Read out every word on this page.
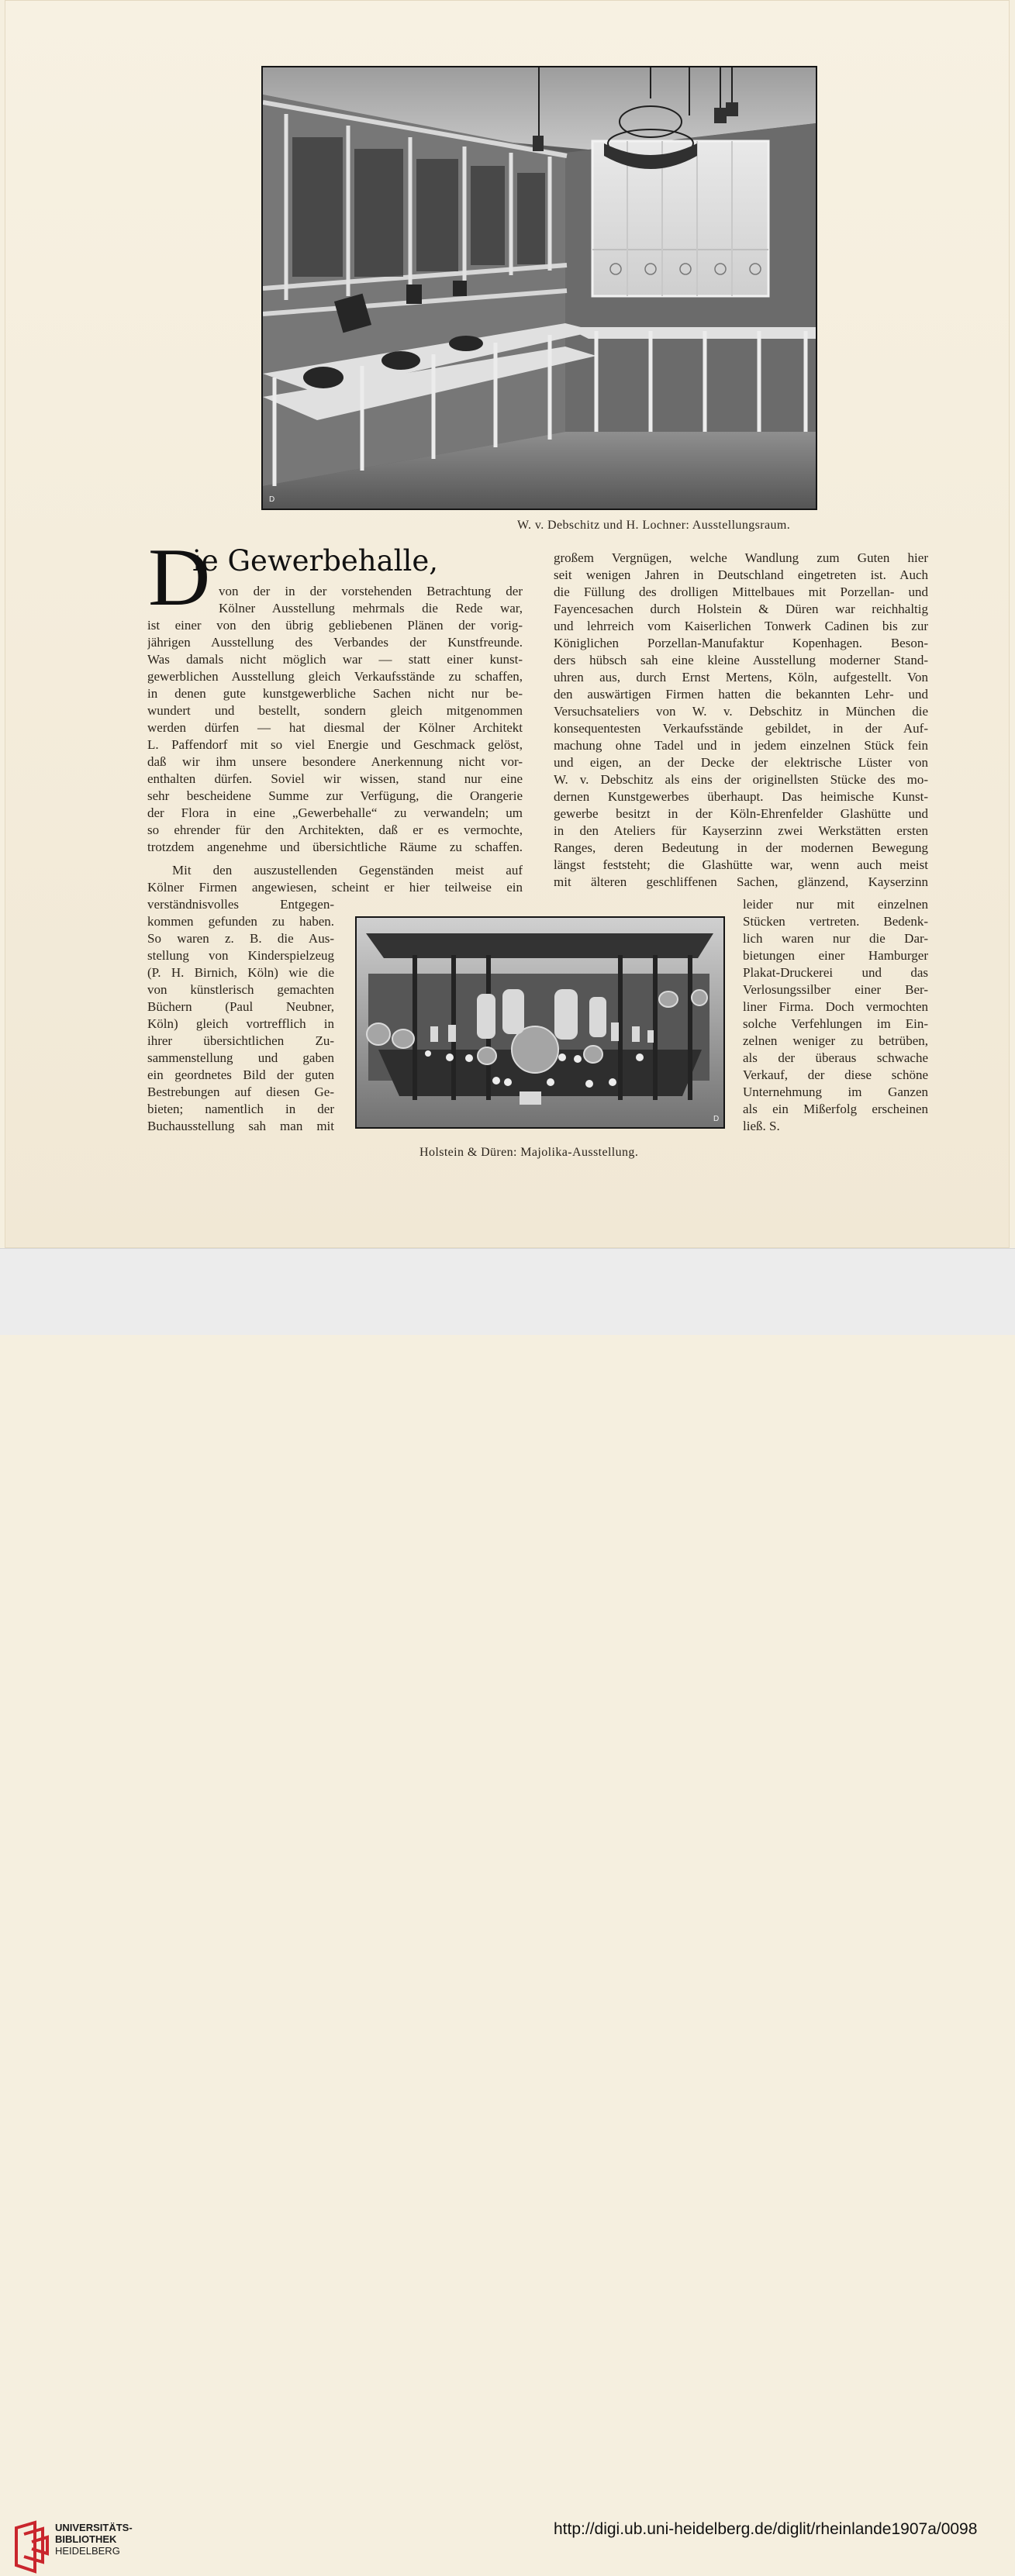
D
D
W. v. Debschitz und H. Lochner: Ausstellungsraum.
D
ie Gewerbehalle,
von der in der vorstehenden Betrachtung der
Kölner Ausstellung mehrmals die Rede war,
ist einer von den übrig gebliebenen Plänen der vorig-
jährigen Ausstellung des Verbandes der Kunstfreunde.
Was damals nicht möglich war — statt einer kunst-
gewerblichen Ausstellung gleich Verkaufsstände zu schaffen,
in denen gute kunstgewerbliche Sachen nicht nur be-
wundert und bestellt, sondern gleich mitgenommen
werden dürfen — hat diesmal der Kölner Architekt
L. Paffendorf mit so viel Energie und Geschmack gelöst,
daß wir ihm unsere besondere Anerkennung nicht vor-
enthalten dürfen. Soviel wir wissen, stand nur eine
sehr bescheidene Summe zur Verfügung, die Orangerie
der Flora in eine „Gewerbehalle“ zu verwandeln; um
so ehrender für den Architekten, daß er es vermochte,
trotzdem angenehme und übersichtliche Räume zu schaffen.
Mit den auszustellenden Gegenständen meist auf
Kölner Firmen angewiesen, scheint er hier teilweise ein
verständnisvolles Entgegen-
kommen gefunden zu haben.
So waren z. B. die Aus-
stellung von Kinderspielzeug
(P. H. Birnich, Köln) wie die
von künstlerisch gemachten
Büchern (Paul Neubner,
Köln) gleich vortrefflich in
ihrer übersichtlichen Zu-
sammenstellung und gaben
ein geordnetes Bild der guten
Bestrebungen auf diesen Ge-
bieten; namentlich in der
Buchausstellung sah man mit
großem Vergnügen, welche Wandlung zum Guten hier
seit wenigen Jahren in Deutschland eingetreten ist. Auch
die Füllung des drolligen Mittelbaues mit Porzellan- und
Fayencesachen durch Holstein & Düren war reichhaltig
und lehrreich vom Kaiserlichen Tonwerk Cadinen bis zur
Königlichen Porzellan-Manufaktur Kopenhagen. Beson-
ders hübsch sah eine kleine Ausstellung moderner Stand-
uhren aus, durch Ernst Mertens, Köln, aufgestellt. Von
den auswärtigen Firmen hatten die bekannten Lehr- und
Versuchsateliers von W. v. Debschitz in München die
konsequentesten Verkaufsstände gebildet, in der Auf-
machung ohne Tadel und in jedem einzelnen Stück fein
und eigen, an der Decke der elektrische Lüster von
W. v. Debschitz als eins der originellsten Stücke des mo-
dernen Kunstgewerbes überhaupt. Das heimische Kunst-
gewerbe besitzt in der Köln-Ehrenfelder Glashütte und
in den Ateliers für Kayserzinn zwei Werkstätten ersten
Ranges, deren Bedeutung in der modernen Bewegung
längst feststeht; die Glashütte war, wenn auch meist
mit älteren geschliffenen Sachen, glänzend, Kayserzinn
leider nur mit einzelnen
Stücken vertreten. Bedenk-
lich waren nur die Dar-
bietungen einer Hamburger
Plakat-Druckerei und das
Verlosungssilber einer Ber-
liner Firma. Doch vermochten
solche Verfehlungen im Ein-
zelnen weniger zu betrüben,
als der überaus schwache
Verkauf, der diese schöne
Unternehmung im Ganzen
als ein Mißerfolg erscheinen
ließ. S.
Holstein & Düren: Majolika-Ausstellung.
UNIVERSITÄTS-
BIBLIOTHEK
HEIDELBERG
http://digi.ub.uni-heidelberg.de/diglit/rheinlande1907a/0098
